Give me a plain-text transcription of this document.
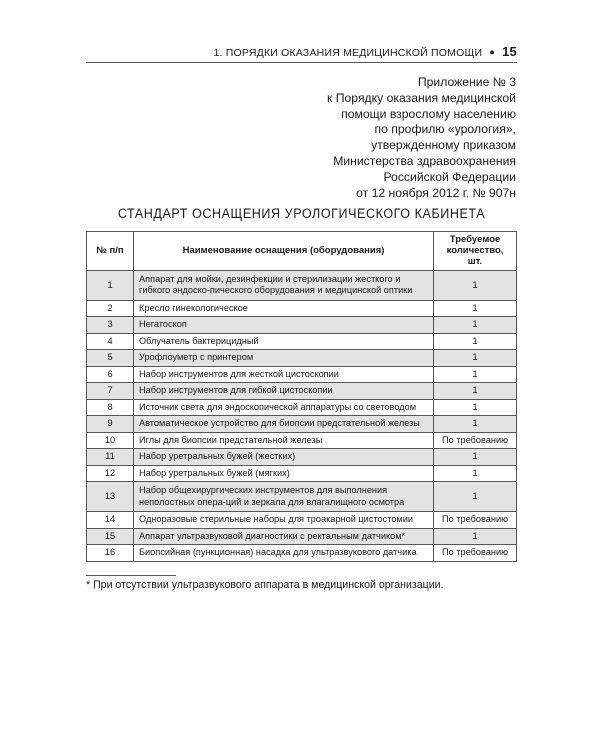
1. ПОРЯДКИ ОКАЗАНИЯ МЕДИЦИНСКОЙ ПОМОЩИ ● 15
Приложение № 3
к Порядку оказания медицинской
помощи взрослому населению
по профилю «урология»,
утвержденному приказом
Министерства здравоохранения
Российской Федерации
от 12 ноября 2012 г. № 907н
СТАНДАРТ ОСНАЩЕНИЯ УРОЛОГИЧЕСКОГО КАБИНЕТА
№ п/п	Наименование оснащения (оборудования)	Требуемое количество, шт.
1	Аппарат для мойки, дезинфекции и стерилизации жесткого и гибкого эндоско-пического оборудования и медицинской оптики	1
2	Кресло гинекологическое	1
3	Негатоскоп	1
4	Облучатель бактерицидный	1
5	Урофлоуметр с принтером	1
6	Набор инструментов для жесткой цистоскопии	1
7	Набор инструментов для гибкой цистоскопии	1
8	Источник света для эндоскопической аппаратуры со световодом	1
9	Автоматическое устройство для биопсии предстательной железы	1
10	Иглы для биопсии предстательной железы	По требованию
11	Набор уретральных бужей (жестких)	1
12	Набор уретральных бужей (мягких)	1
13	Набор общехирургических инструментов для выполнения неполостных опера-ций и зеркала для влагалищного осмотра	1
14	Одноразовые стерильные наборы для троакарной цистостомии	По требованию
15	Аппарат ультразвуковой диагностики с ректальным датчиком*	1
16	Биопсийная (пункционная) насадка для ультразвукового датчика	По требованию
* При отсутствии ультразвукового аппарата в медицинской организации.
